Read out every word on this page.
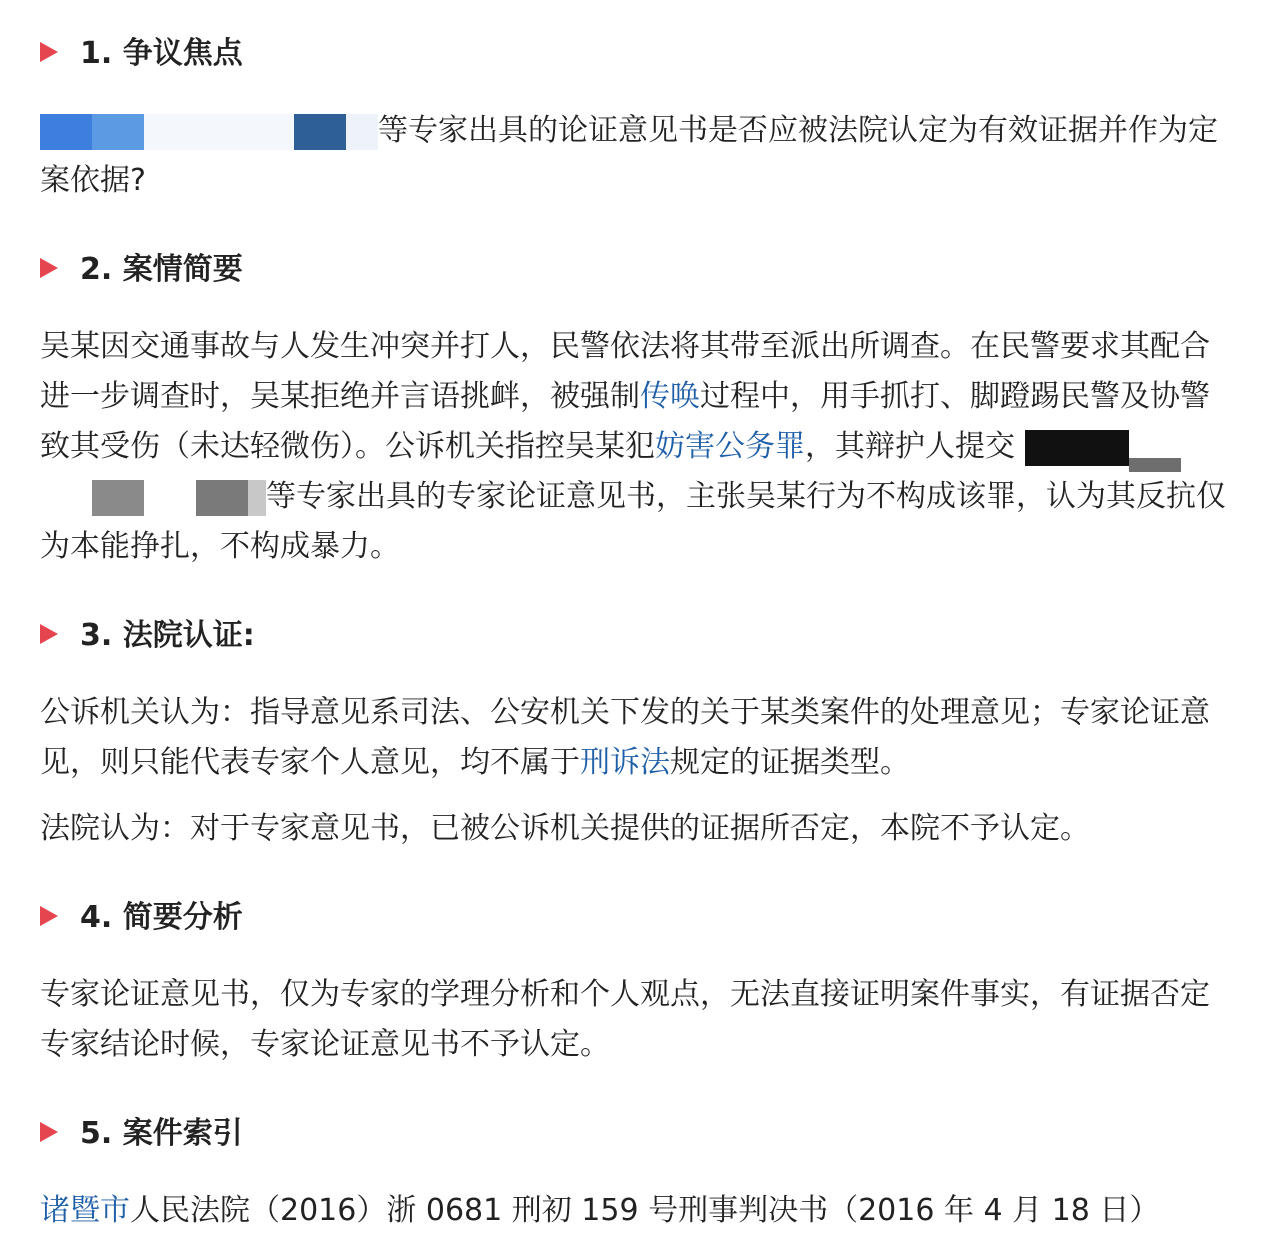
1. 争议焦点

等专家出具的论证意见书是否应被法院认定为有效证据并作为定案依据?

2. 案情简要

吴某因交通事故与人发生冲突并打人，民警依法将其带至派出所调查。在民警要求其配合进一步调查时，吴某拒绝并言语挑衅，被强制传唤过程中，用手抓打、脚蹬踢民警及协警致其受伤（未达轻微伤）。公诉机关指控吴某犯妨害公务罪，其辩护人提交 等专家出具的专家论证意见书，主张吴某行为不构成该罪，认为其反抗仅为本能挣扎，不构成暴力。

3. 法院认证:

公诉机关认为：指导意见系司法、公安机关下发的关于某类案件的处理意见；专家论证意见，则只能代表专家个人意见，均不属于刑诉法规定的证据类型。

法院认为：对于专家意见书，已被公诉机关提供的证据所否定，本院不予认定。

4. 简要分析

专家论证意见书，仅为专家的学理分析和个人观点，无法直接证明案件事实，有证据否定专家结论时候，专家论证意见书不予认定。

5. 案件索引

诸暨市人民法院（2016）浙 0681 刑初 159 号刑事判决书（2016 年 4 月 18 日）
